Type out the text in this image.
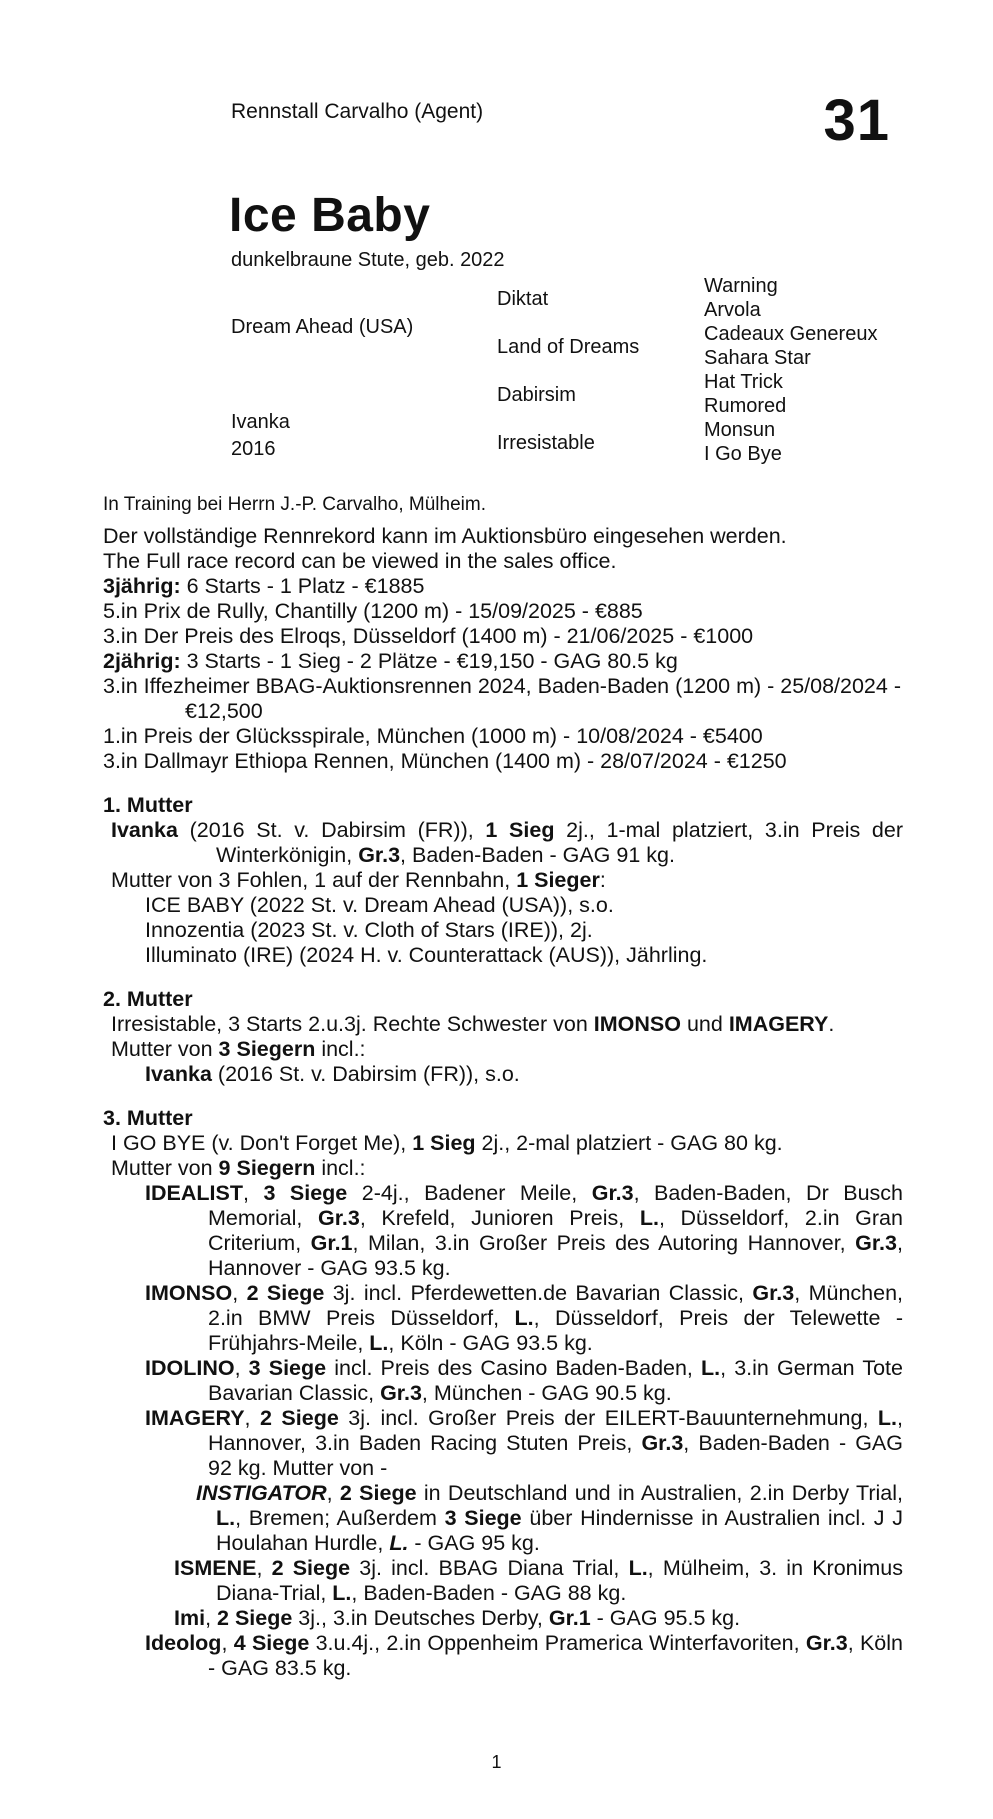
Rennstall Carvalho (Agent)	31
Ice Baby
dunkelbraune Stute, geb. 2022
Dream Ahead (USA)
Ivanka
2016
Diktat
Land of Dreams
Dabirsim
Irresistable
Warning
Arvola
Cadeaux Genereux
Sahara Star
Hat Trick
Rumored
Monsun
I Go Bye

In Training bei Herrn J.-P. Carvalho, Mülheim.

Der vollständige Rennrekord kann im Auktionsbüro eingesehen werden.

The Full race record can be viewed in the sales office.

3jährig: 6 Starts - 1 Platz - €1885

5.in Prix de Rully, Chantilly (1200 m) - 15/09/2025 - €885

3.in Der Preis des Elroqs, Düsseldorf (1400 m) - 21/06/2025 - €1000

2jährig: 3 Starts - 1 Sieg - 2 Plätze - €19,150 - GAG 80.5 kg

3.in Iffezheimer BBAG-Auktionsrennen 2024, Baden-Baden (1200 m) - 25/08/2024 - €12,500

1.in Preis der Glücksspirale, München (1000 m) - 10/08/2024 - €5400

3.in Dallmayr Ethiopa Rennen, München (1400 m) - 28/07/2024 - €1250

1. Mutter

Ivanka (2016 St. v. Dabirsim (FR)), 1 Sieg 2j., 1-mal platziert, 3.in Preis der Winterkönigin, Gr.3, Baden-Baden - GAG 91 kg.

Mutter von 3 Fohlen, 1 auf der Rennbahn, 1 Sieger:

ICE BABY (2022 St. v. Dream Ahead (USA)), s.o.

Innozentia (2023 St. v. Cloth of Stars (IRE)), 2j.

Illuminato (IRE) (2024 H. v. Counterattack (AUS)), Jährling.

2. Mutter

Irresistable, 3 Starts 2.u.3j. Rechte Schwester von IMONSO und IMAGERY.

Mutter von 3 Siegern incl.:

Ivanka (2016 St. v. Dabirsim (FR)), s.o.

3. Mutter

I GO BYE (v. Don't Forget Me), 1 Sieg 2j., 2-mal platziert - GAG 80 kg.

Mutter von 9 Siegern incl.:

IDEALIST, 3 Siege 2-4j., Badener Meile, Gr.3, Baden-Baden, Dr Busch Memorial, Gr.3, Krefeld, Junioren Preis, L., Düsseldorf, 2.in Gran Criterium, Gr.1, Milan, 3.in Großer Preis des Autoring Hannover, Gr.3, Hannover - GAG 93.5 kg.

IMONSO, 2 Siege 3j. incl. Pferdewetten.de Bavarian Classic, Gr.3, München, 2.in BMW Preis Düsseldorf, L., Düsseldorf, Preis der Telewette - Frühjahrs-Meile, L., Köln - GAG 93.5 kg.

IDOLINO, 3 Siege incl. Preis des Casino Baden-Baden, L., 3.in German Tote Bavarian Classic, Gr.3, München - GAG 90.5 kg.

IMAGERY, 2 Siege 3j. incl. Großer Preis der EILERT-Bauunternehmung, L., Hannover, 3.in Baden Racing Stuten Preis, Gr.3, Baden-Baden - GAG 92 kg. Mutter von -

INSTIGATOR, 2 Siege in Deutschland und in Australien, 2.in Derby Trial, L., Bremen; Außerdem 3 Siege über Hindernisse in Australien incl. J J Houlahan Hurdle, L. - GAG 95 kg.

ISMENE, 2 Siege 3j. incl. BBAG Diana Trial, L., Mülheim, 3. in Kronimus Diana-Trial, L., Baden-Baden - GAG 88 kg.

Imi, 2 Siege 3j., 3.in Deutsches Derby, Gr.1 - GAG 95.5 kg.

Ideolog, 4 Siege 3.u.4j., 2.in Oppenheim Pramerica Winterfavoriten, Gr.3, Köln - GAG 83.5 kg.

1
